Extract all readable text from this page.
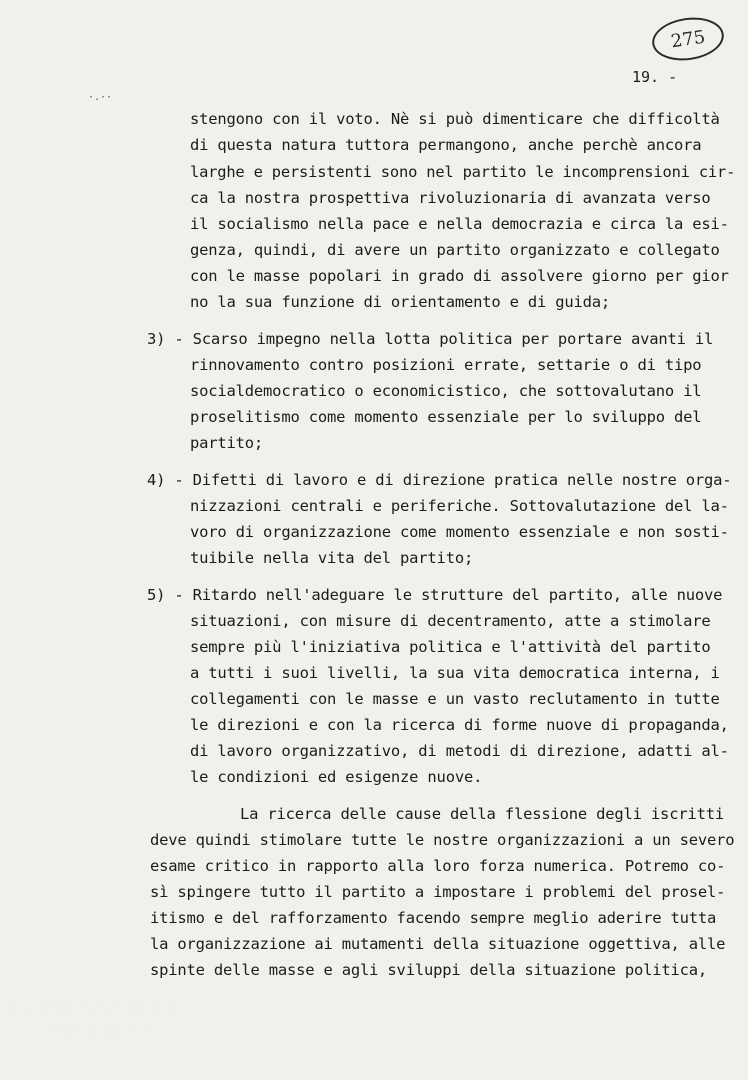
275
19. -
·.··
stengono con il voto. Nè si può dimenticare che difficoltà
di questa natura tuttora permangono, anche perchè ancora
larghe e persistenti sono nel partito le incomprensioni cir-
ca la nostra prospettiva rivoluzionaria di avanzata verso
il socialismo nella pace e nella democrazia e circa la esi-
genza, quindi, di avere un partito organizzato e collegato
con le masse popolari in grado di assolvere giorno per gior
no la sua funzione di orientamento e di guida;
3) - Scarso impegno nella lotta politica per portare avanti il
rinnovamento contro posizioni errate, settarie o di tipo
socialdemocratico o economicistico, che sottovalutano il
proselitismo come momento essenziale per lo sviluppo del
partito;
4) - Difetti di lavoro e di direzione pratica nelle nostre orga-
nizzazioni centrali e periferiche. Sottovalutazione del la-
voro di organizzazione come momento essenziale e non sosti-
tuibile nella vita del partito;
5) - Ritardo nell'adeguare le strutture del partito, alle nuove
situazioni, con misure di decentramento, atte a stimolare
sempre più l'iniziativa politica e l'attività del partito
a tutti i suoi livelli, la sua vita democratica interna, i
collegamenti con le masse e un vasto reclutamento in tutte
le direzioni e con la ricerca di forme nuove di propaganda,
di lavoro organizzativo, di metodi di direzione, adatti al-
le condizioni ed esigenze nuove.
La ricerca delle cause della flessione degli iscritti
deve quindi stimolare tutte le nostre organizzazioni a un severo
esame critico in rapporto alla loro forza numerica. Potremo co-
sì spingere tutto il partito a impostare i problemi del prosel-
itismo e del rafforzamento facendo sempre meglio aderire tutta
la organizzazione ai mutamenti della situazione oggettiva, alle
spinte delle masse e agli sviluppi della situazione politica,
FONDAZIONE
GRAMSCI
